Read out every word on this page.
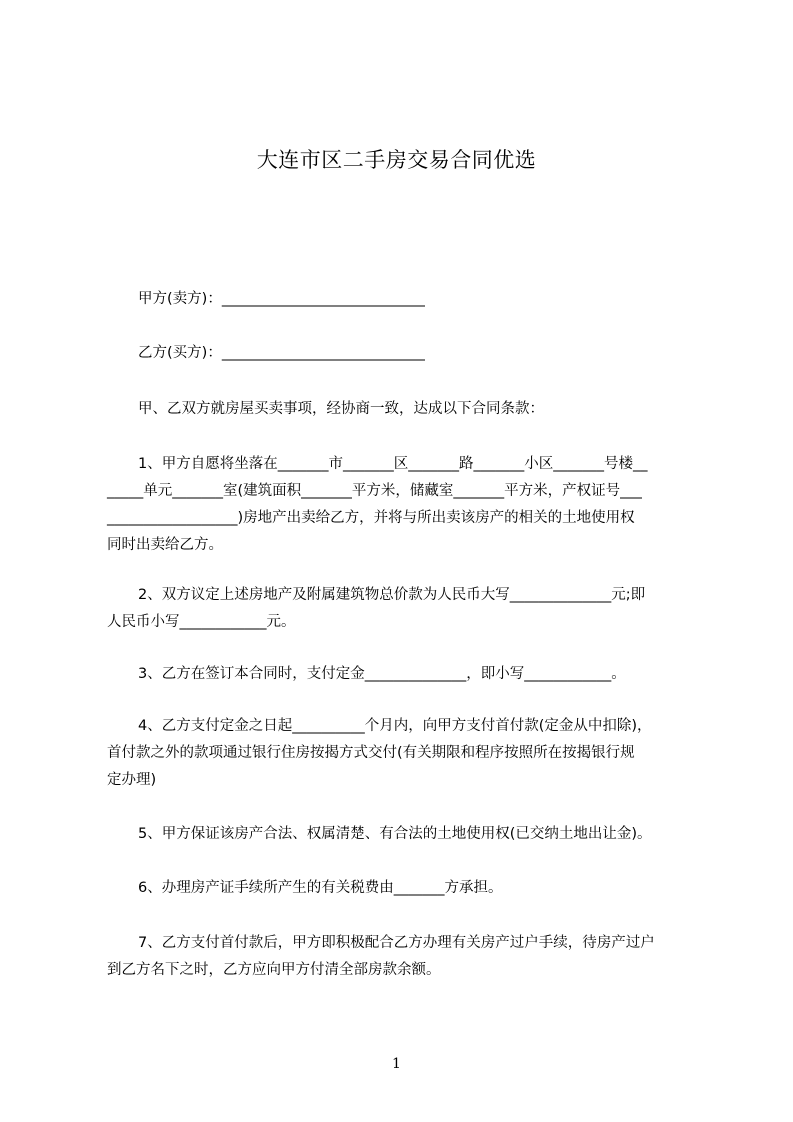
大连市区二手房交易合同优选
甲方(卖方)：____________________________
乙方(买方)：____________________________
甲、乙双方就房屋买卖事项，经协商一致，达成以下合同条款：
1、甲方自愿将坐落在_______市_______区_______路_______小区_______号楼__
_____单元_______室(建筑面积_______平方米，储藏室_______平方米，产权证号___
__________________)房地产出卖给乙方，并将与所出卖该房产的相关的土地使用权
同时出卖给乙方。
2、双方议定上述房地产及附属建筑物总价款为人民币大写______________元;即
人民币小写____________元。
3、乙方在签订本合同时，支付定金______________，即小写____________。
4、乙方支付定金之日起__________个月内，向甲方支付首付款(定金从中扣除)，
首付款之外的款项通过银行住房按揭方式交付(有关期限和程序按照所在按揭银行规
定办理)
5、甲方保证该房产合法、权属清楚、有合法的土地使用权(已交纳土地出让金)。
6、办理房产证手续所产生的有关税费由_______方承担。
7、乙方支付首付款后，甲方即积极配合乙方办理有关房产过户手续，待房产过户
到乙方名下之时，乙方应向甲方付清全部房款余额。
1
